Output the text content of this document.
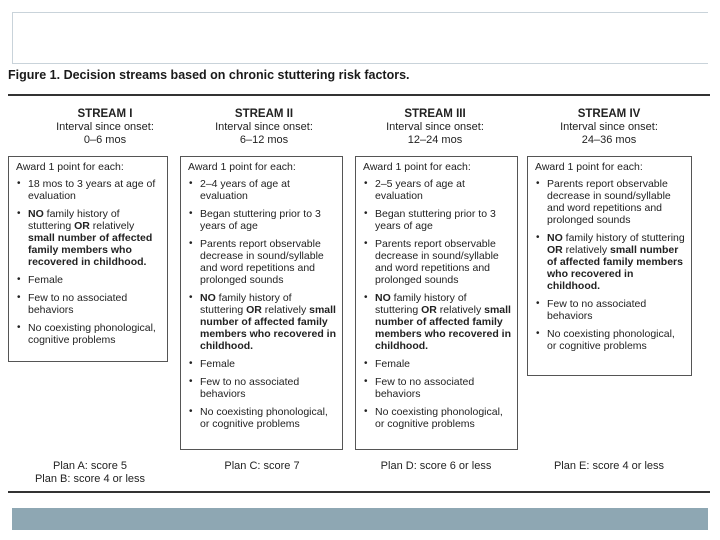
Figure 1. Decision streams based on chronic stuttering risk factors.
STREAM I
Interval since onset:
0–6 mos
STREAM II
Interval since onset:
6–12 mos
STREAM III
Interval since onset:
12–24 mos
STREAM IV
Interval since onset:
24–36 mos
Award 1 point for each:
• 18 mos to 3 years at age of evaluation
• NO family history of stuttering OR relatively small number of affected family members who recovered in childhood.
• Female
• Few to no associated behaviors
• No coexisting phonological, cognitive problems
Award 1 point for each:
• 2–4 years of age at evaluation
• Began stuttering prior to 3 years of age
• Parents report observable decrease in sound/syllable and word repetitions and prolonged sounds
• NO family history of stuttering OR relatively small number of affected family members who recovered in childhood.
• Female
• Few to no associated behaviors
• No coexisting phonological, or cognitive problems
Award 1 point for each:
• 2–5 years of age at evaluation
• Began stuttering prior to 3 years of age
• Parents report observable decrease in sound/syllable and word repetitions and prolonged sounds
• NO family history of stuttering OR relatively small number of affected family members who recovered in childhood.
• Female
• Few to no associated behaviors
• No coexisting phonological, or cognitive problems
Award 1 point for each:
• Parents report observable decrease in sound/syllable and word repetitions and prolonged sounds
• NO family history of stuttering OR relatively small number of affected family members who recovered in childhood.
• Few to no associated behaviors
• No coexisting phonological, or cognitive problems
Plan A: score 5
Plan B: score 4 or less
Plan C: score 7	Plan D: score 6 or less	Plan E: score 4 or less
